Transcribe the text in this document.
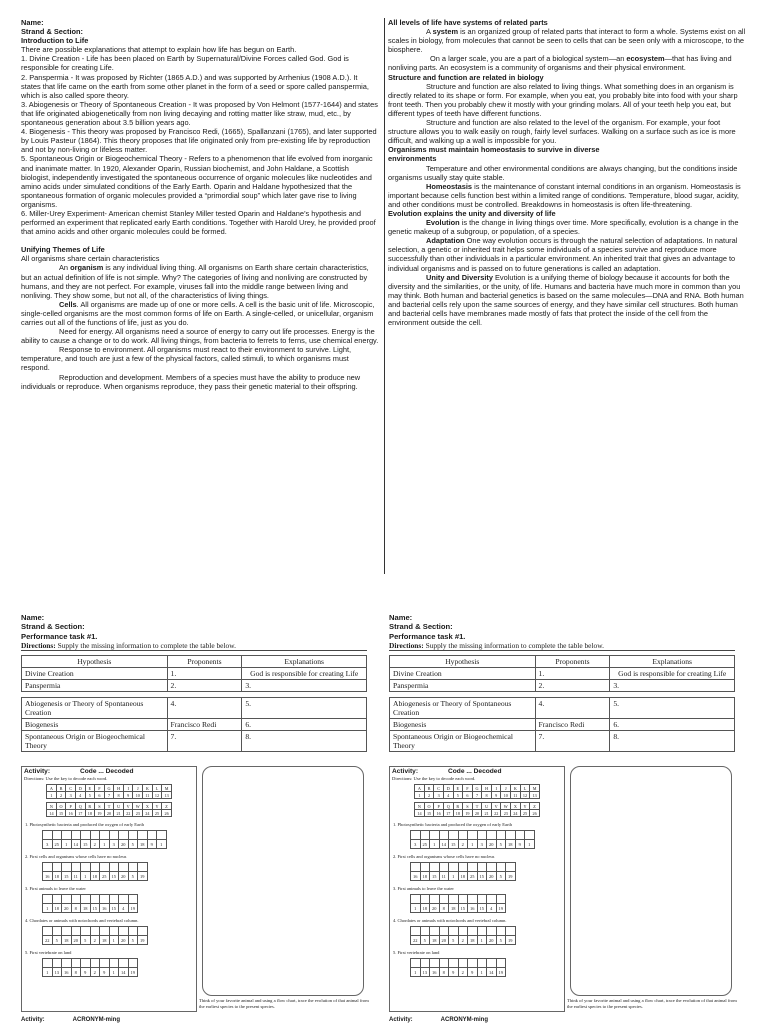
Name:

Strand & Section:

Introduction to Life

There are possible explanations that attempt to explain how life has begun on Earth.

1. Divine Creation - Life has been placed on Earth by Supernatural/Divine Forces called God. God is responsible for creating Life.

2. Panspermia - It was proposed by Richter (1865 A.D.) and was supported by Arrhenius (1908 A.D.). It states that life came on the earth from some other planet in the form of a seed or spore called panspermia, which is also called spore theory.

3. Abiogenesis or Theory of Spontaneous Creation - It was proposed by Von Helmont (1577-1644) and states that life originated abiogenetically from non living decaying and rotting matter like straw, mud, etc., by spontaneous generation about 3.5 billion years ago.

4. Biogenesis - This theory was proposed by Francisco Redi, (1665), Spallanzani (1765), and later supported by Louis Pasteur (1864). This theory proposes that life originated only from pre-existing life by reproduction and not by non-living or lifeless matter.

5. Spontaneous Origin or Biogeochemical Theory - Refers to a phenomenon that life evolved from inorganic and inanimate matter. In 1920, Alexander Oparin, Russian biochemist, and John Haldane, a Scottish biologist, independently investigated the spontaneous occurrence of organic molecules like nucleotides and amino acids under simulated conditions of the Early Earth. Oparin and Haldane hypothesized that the spontaneous formation of organic molecules provided a “primordial soup” which later gave rise to living organisms.

6. Miller-Urey Experiment- American chemist Stanley Miller tested Oparin and Haldane’s hypothesis and performed an experiment that replicated early Earth conditions. Together with Harold Urey, he provided proof that amino acids and other organic molecules could be formed.

Unifying Themes of Life

All organisms share certain characteristics

An organism is any individual living thing. All organisms on Earth share certain characteristics, but an actual definition of life is not simple. Why? The categories of living and nonliving are constructed by humans, and they are not perfect. For example, viruses fall into the middle range between living and nonliving. They show some, but not all, of the characteristics of living things.

Cells. All organisms are made up of one or more cells. A cell is the basic unit of life. Microscopic, single-celled organisms are the most common forms of life on Earth. A single-celled, or unicellular, organism carries out all of the functions of life, just as you do.

Need for energy. All organisms need a source of energy to carry out life processes. Energy is the ability to cause a change or to do work. All living things, from bacteria to ferrets to ferns, use chemical energy.

Response to environment. All organisms must react to their environment to survive. Light, temperature, and touch are just a few of the physical factors, called stimuli, to which organisms must respond.

Reproduction and development. Members of a species must have the ability to produce new individuals or reproduce. When organisms reproduce, they pass their genetic material to their offspring.

All levels of life have systems of related parts

A system is an organized group of related parts that interact to form a whole. Systems exist on all scales in biology, from molecules that cannot be seen to cells that can be seen only with a microscope, to the biosphere.

On a larger scale, you are a part of a biological system—an ecosystem—that has living and nonliving parts. An ecosystem is a community of organisms and their physical environment.

Structure and function are related in biology

Structure and function are also related to living things. What something does in an organism is directly related to its shape or form. For example, when you eat, you probably bite into food with your sharp front teeth. Then you probably chew it mostly with your grinding molars. All of your teeth help you eat, but different types of teeth have different functions.

Structure and function are also related to the level of the organism. For example, your foot structure allows you to walk easily on rough, fairly level surfaces. Walking on a surface such as ice is more difficult, and walking up a wall is impossible for you.

Organisms must maintain homeostasis to survive in diverse

environments

Temperature and other environmental conditions are always changing, but the conditions inside organisms usually stay quite stable.

Homeostasis is the maintenance of constant internal conditions in an organism. Homeostasis is important because cells function best within a limited range of conditions. Temperature, blood sugar, acidity, and other conditions must be controlled. Breakdowns in homeostasis is often life-threatening.

Evolution explains the unity and diversity of life

Evolution is the change in living things over time. More specifically, evolution is a change in the genetic makeup of a subgroup, or population, of a species.

Adaptation One way evolution occurs is through the natural selection of adaptations. In natural selection, a genetic or inherited trait helps some individuals of a species survive and reproduce more successfully than other individuals in a particular environment. An inherited trait that gives an advantage to individual organisms and is passed on to future generations is called an adaptation.

Unity and Diversity Evolution is a unifying theme of biology because it accounts for both the diversity and the similarities, or the unity, of life. Humans and bacteria have much more in common than you may think. Both human and bacterial genetics is based on the same molecules—DNA and RNA. Both human and bacterial cells rely upon the same sources of energy, and they have similar cell structures. Both human and bacterial cells have membranes made mostly of fats that protect the inside of the cell from the environment outside the cell.

Name:
Strand & Section:
Performance task #1.
Directions: Supply the missing information to complete the table below.
Hypothesis	Proponents	Explanations
Divine Creation	1.	God is responsible for creating Life
Panspermia	2.	3.

Abiogenesis or Theory of Spontaneous Creation	4.	5.
Biogenesis	Francisco Redi	6.
Spontaneous Origin or Biogeochemical Theory	7.	8.
Activity:	Code ... Decoded
Directions: Use the key to decode each word.
A	B	C	D	E	F	G	H	I	J	K	L	M
1	2	3	4	5	6	7	8	9	10	11	12	13
N	O	P	Q	R	S	T	U	V	W	X	Y	Z
14	15	16	17	18	19	20	21	22	23	24	25	26
1. Photosynthetic bacteria and produced the oxygen of early Earth

3	25	1	14	15	2	1	3	20	5	18	9	1
2. First cells and organisms whose cells have no nucleus

16	18	15	11	1	18	25	15	20	5	19
3. First animals to leave the water

1	18	20	8	18	15	16	15	4	19
4. Chordates or animals with notochords and vertebral column.

22	5	18	20	5	2	18	1	20	5	19
5. First vertebrate on land

1	13	16	8	9	2	9	1	14	19
Think of your favorite animal and using a flow chart, trace the evolution of that animal from the earliest species to the present species.
Activity:	ACRONYM-ming
Name:
Strand & Section:
Performance task #1.
Directions: Supply the missing information to complete the table below.
Hypothesis	Proponents	Explanations
Divine Creation	1.	God is responsible for creating Life
Panspermia	2.	3.

Abiogenesis or Theory of Spontaneous Creation	4.	5.
Biogenesis	Francisco Redi	6.
Spontaneous Origin or Biogeochemical Theory	7.	8.
Activity:	Code ... Decoded
Directions: Use the key to decode each word.
A	B	C	D	E	F	G	H	I	J	K	L	M
1	2	3	4	5	6	7	8	9	10	11	12	13
N	O	P	Q	R	S	T	U	V	W	X	Y	Z
14	15	16	17	18	19	20	21	22	23	24	25	26
1. Photosynthetic bacteria and produced the oxygen of early Earth

3	25	1	14	15	2	1	3	20	5	18	9	1
2. First cells and organisms whose cells have no nucleus

16	18	15	11	1	18	25	15	20	5	19
3. First animals to leave the water

1	18	20	8	18	15	16	15	4	19
4. Chordates or animals with notochords and vertebral column.

22	5	18	20	5	2	18	1	20	5	19
5. First vertebrate on land

1	13	16	8	9	2	9	1	14	19
Think of your favorite animal and using a flow chart, trace the evolution of that animal from the earliest species to the present species.
Activity:	ACRONYM-ming
